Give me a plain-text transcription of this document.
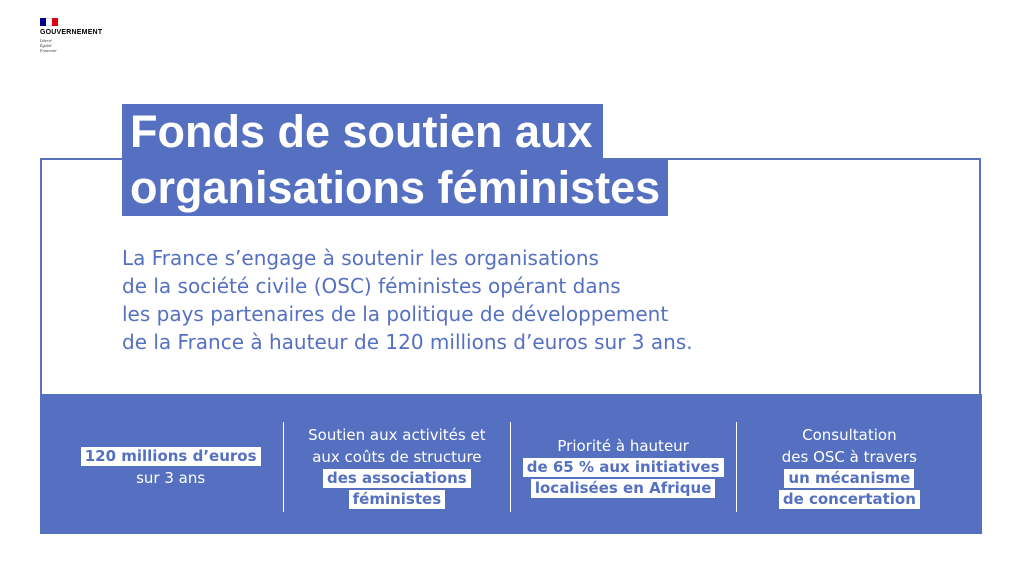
GOUVERNEMENT
Liberté
Égalité
Fraternité
Fonds de soutien aux
organisations féministes

La France s’engage à soutenir les organisations

de la société civile (OSC) féministes opérant dans

les pays partenaires de la politique de développement

de la France à hauteur de 120 millions d’euros sur 3 ans.

120 millions d’euros
sur 3 ans
Soutien aux activités et
aux coûts de structure
des associations
féministes
Priorité à hauteur
de 65 % aux initiatives
localisées en Afrique
Consultation
des OSC à travers
un mécanisme
de concertation
